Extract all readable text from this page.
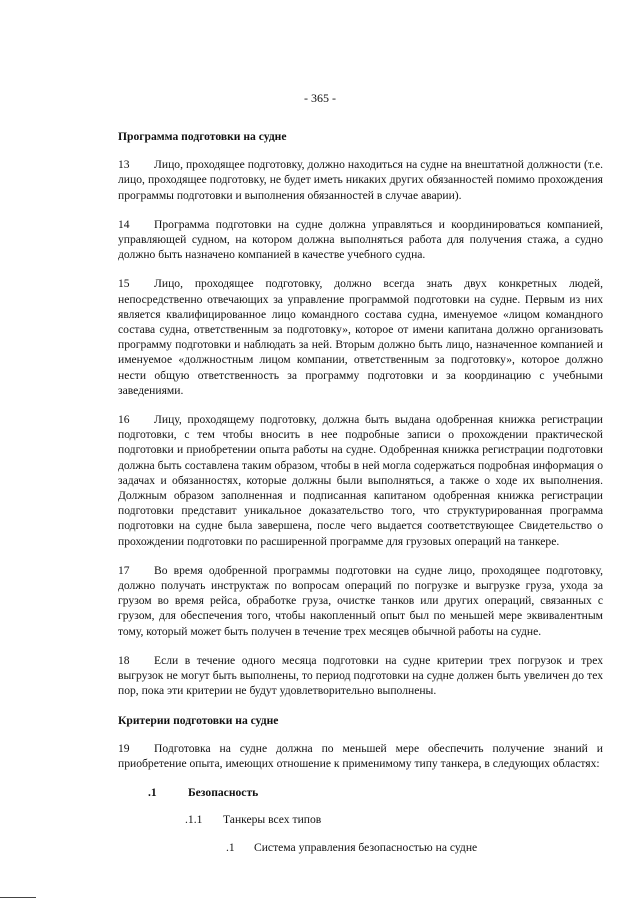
- 365 -
Программа подготовки на судне
13 Лицо, проходящее подготовку, должно находиться на судне на внештатной должности (т.е. лицо, проходящее подготовку, не будет иметь никаких других обязанностей помимо прохождения программы подготовки и выполнения обязанностей в случае аварии).
14 Программа подготовки на судне должна управляться и координироваться компанией, управляющей судном, на котором должна выполняться работа для получения стажа, а судно должно быть назначено компанией в качестве учебного судна.
15 Лицо, проходящее подготовку, должно всегда знать двух конкретных людей, непосредственно отвечающих за управление программой подготовки на судне. Первым из них является квалифицированное лицо командного состава судна, именуемое «лицом командного состава судна, ответственным за подготовку», которое от имени капитана должно организовать программу подготовки и наблюдать за ней. Вторым должно быть лицо, назначенное компанией и именуемое «должностным лицом компании, ответственным за подготовку», которое должно нести общую ответственность за программу подготовки и за координацию с учебными заведениями.
16 Лицу, проходящему подготовку, должна быть выдана одобренная книжка регистрации подготовки, с тем чтобы вносить в нее подробные записи о прохождении практической подготовки и приобретении опыта работы на судне. Одобренная книжка регистрации подготовки должна быть составлена таким образом, чтобы в ней могла содержаться подробная информация о задачах и обязанностях, которые должны были выполняться, а также о ходе их выполнения. Должным образом заполненная и подписанная капитаном одобренная книжка регистрации подготовки представит уникальное доказательство того, что структурированная программа подготовки на судне была завершена, после чего выдается соответствующее Свидетельство о прохождении подготовки по расширенной программе для грузовых операций на танкере.
17 Во время одобренной программы подготовки на судне лицо, проходящее подготовку, должно получать инструктаж по вопросам операций по погрузке и выгрузке груза, ухода за грузом во время рейса, обработке груза, очистке танков или других операций, связанных с грузом, для обеспечения того, чтобы накопленный опыт был по меньшей мере эквивалентным тому, который может быть получен в течение трех месяцев обычной работы на судне.
18 Если в течение одного месяца подготовки на судне критерии трех погрузок и трех выгрузок не могут быть выполнены, то период подготовки на судне должен быть увеличен до тех пор, пока эти критерии не будут удовлетворительно выполнены.
Критерии подготовки на судне
19 Подготовка на судне должна по меньшей мере обеспечить получение знаний и приобретение опыта, имеющих отношение к применимому типу танкера, в следующих областях:
.1	Безопасность
.1.1	Танкеры всех типов
.1	Система управления безопасностью на судне
